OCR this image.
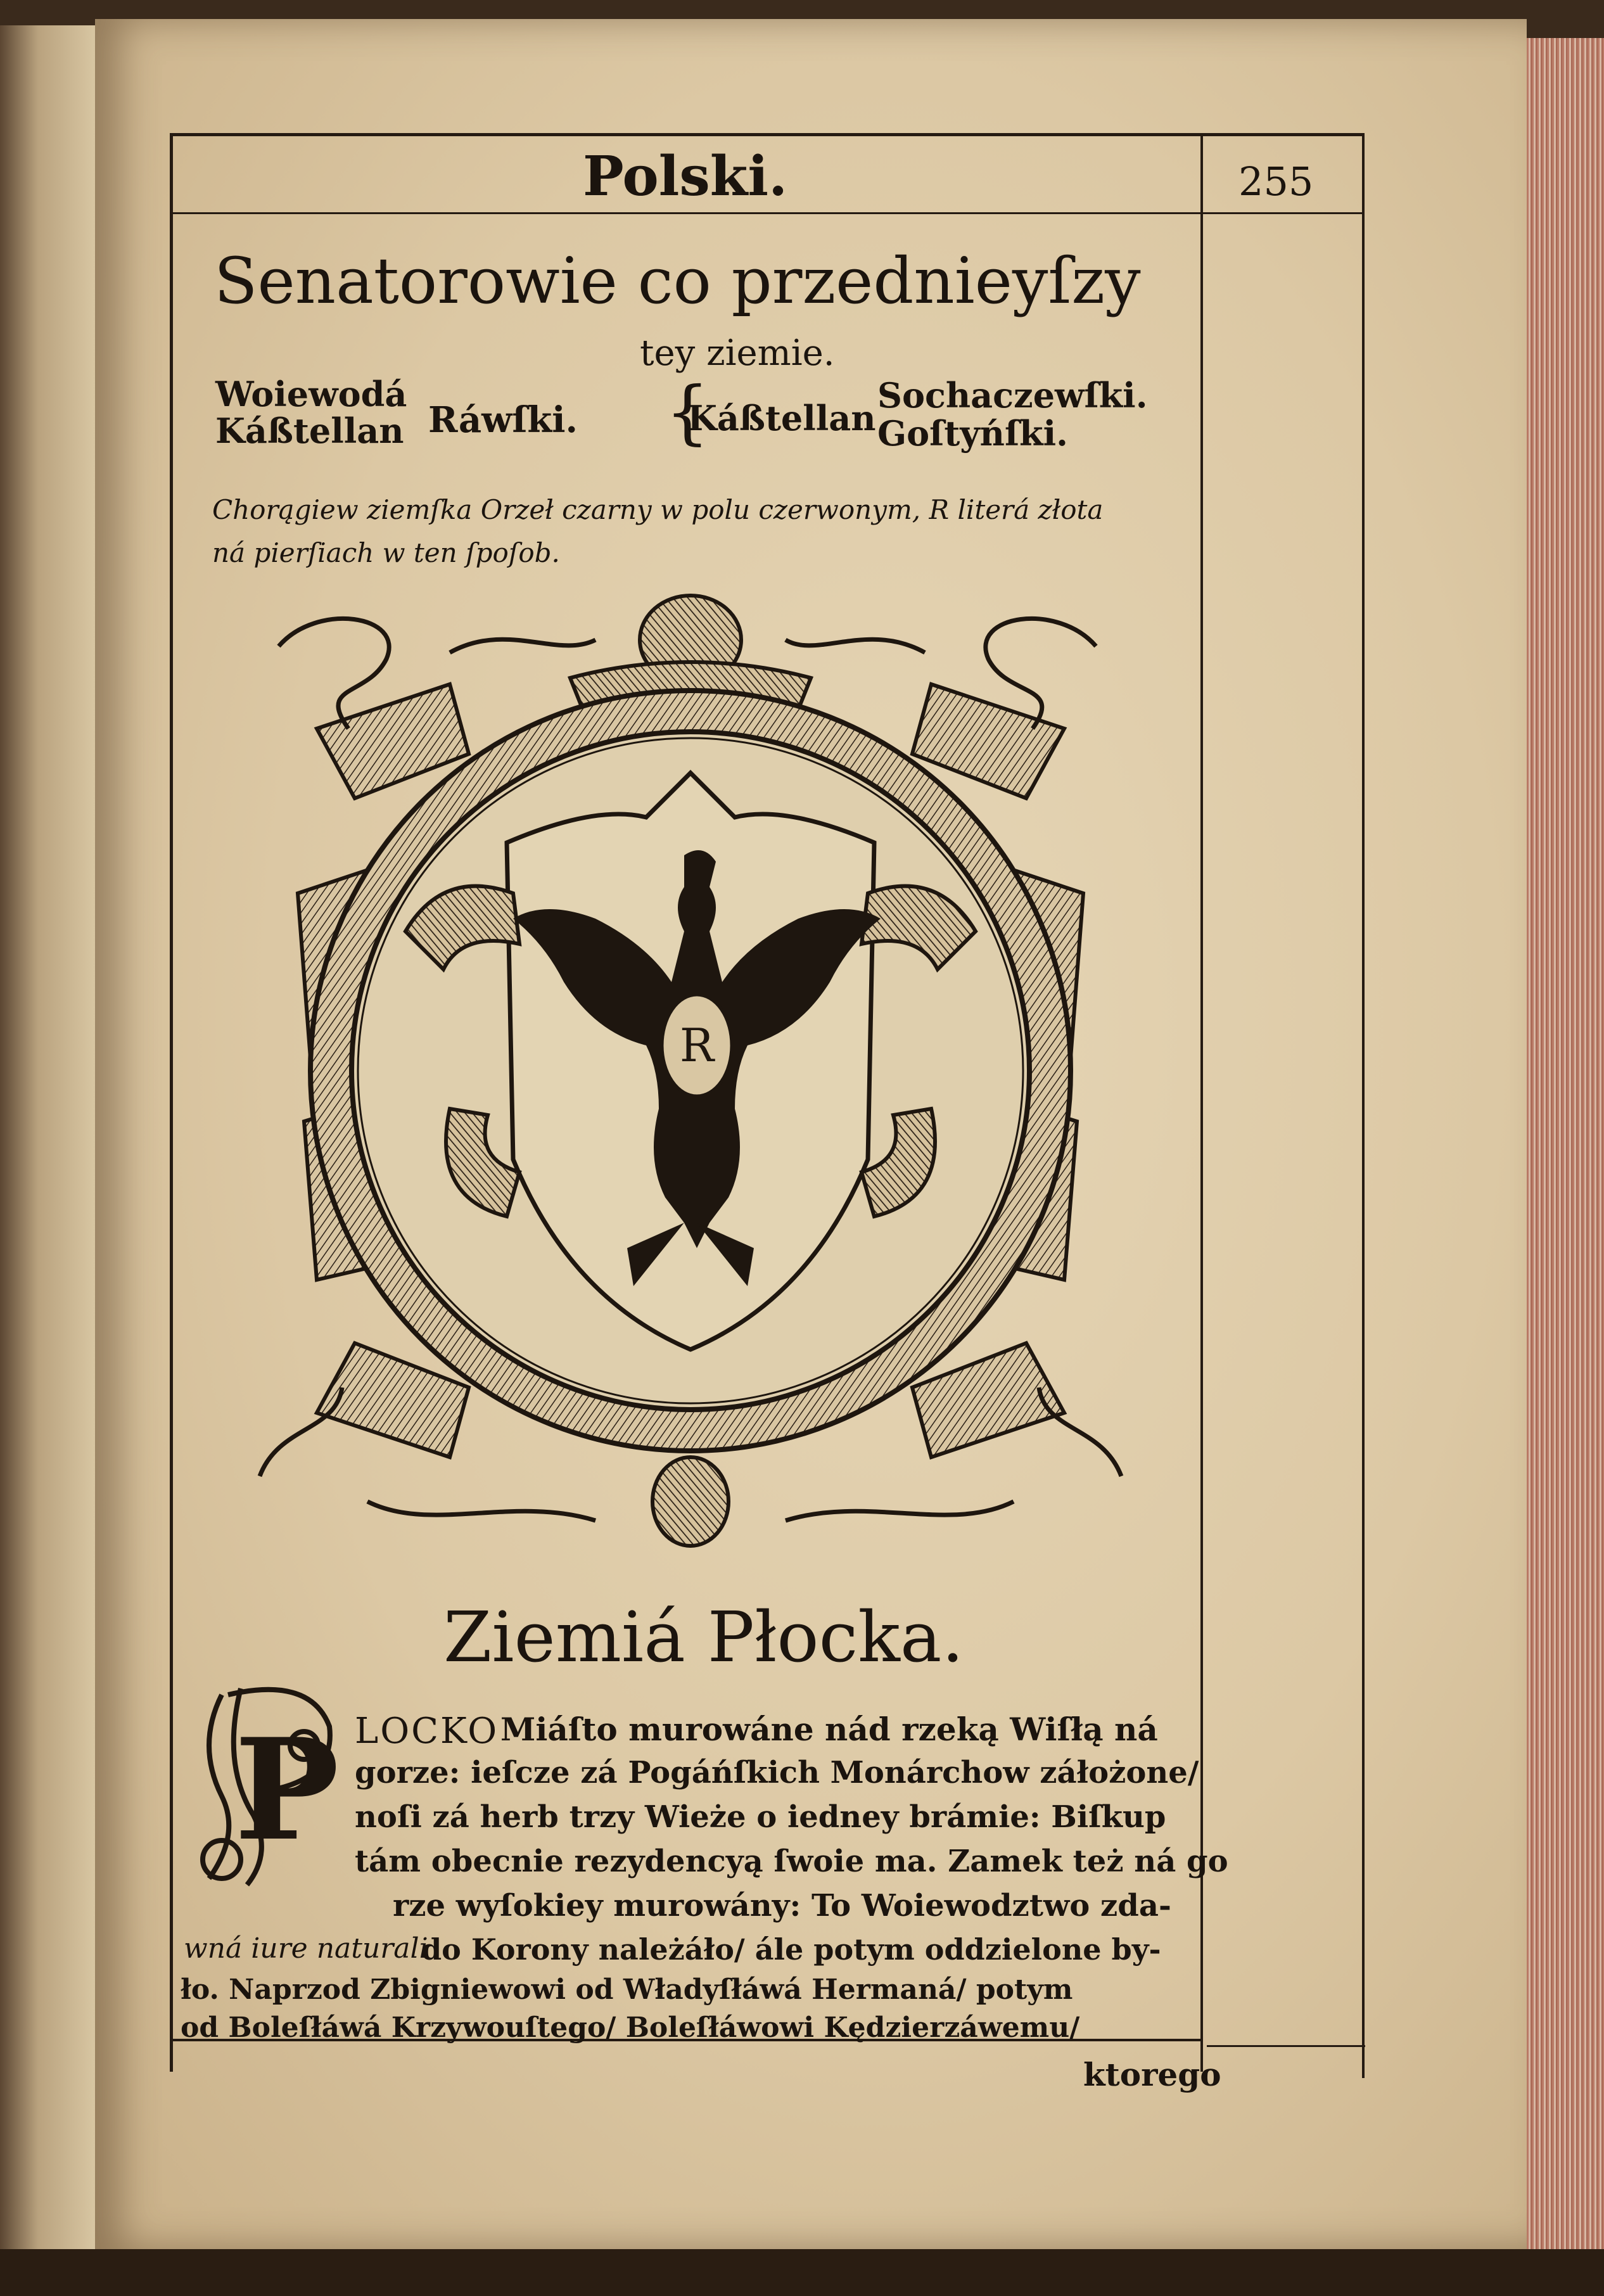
Polski.	255
Senatorowie co przednieyſzy
tey ziemie.
Woiewodá
Káßtellan Ráwſki. {
Káßtellan
Sochaczewſki.
Goſtyńſki.
Chorągiew ziemſka Orzeł czarny w polu czerwonym, R literá złota
ná pierſiach w ten ſpoſob.
R
Ziemiá Płocka.
P LOCKO Miáſto murowáne nád rzeką Wiſłą ná
gorze: ieſcze zá Pogáńſkich Monárchow záłożone/
noſi zá herb trzy Wieże o iedney brámie: Biſkup
tám obecnie rezydencyą ſwoie ma. Zamek też ná go
rze wyſokiey murowány: To Woiewodztwo zda-
wná iure naturali
do Korony należáło/ ále potym oddzielone by-
ło. Naprzod Zbigniewowi od Władyſłáwá Hermaná/ potym
od Boleſłáwá Krzywouſtego/ Boleſłáwowi Kędzierzáwemu/
ktorego
